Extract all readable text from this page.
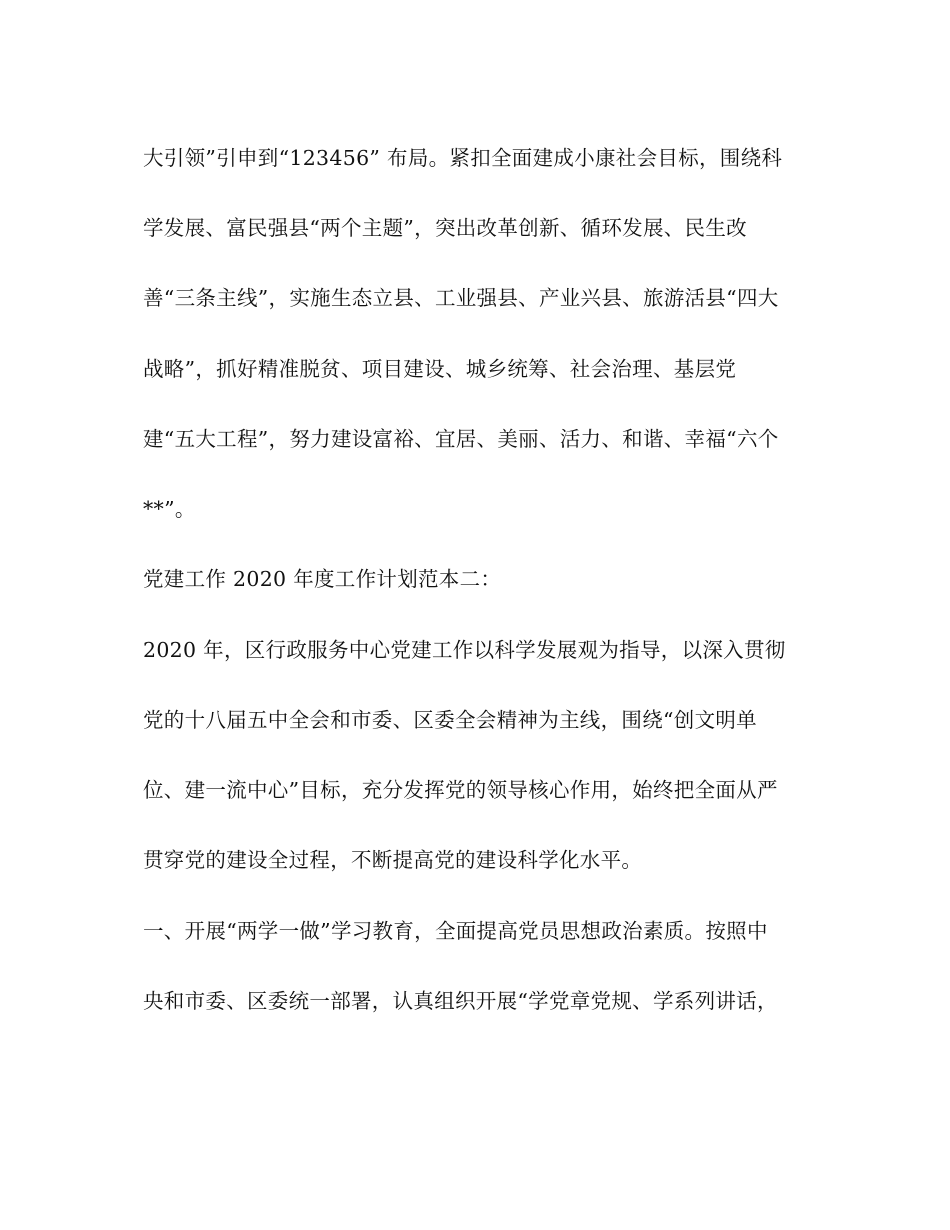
大引领”引申到“123456” 布局。紧扣全面建成小康社会目标，围绕科
学发展、富民强县“两个主题”，突出改革创新、循环发展、民生改
善“三条主线”，实施生态立县、工业强县、产业兴县、旅游活县“四大
战略”，抓好精准脱贫、项目建设、城乡统筹、社会治理、基层党
建“五大工程”，努力建设富裕、宜居、美丽、活力、和谐、幸福“六个
**”。
党建工作 2020 年度工作计划范本二：
2020 年，区行政服务中心党建工作以科学发展观为指导，以深入贯彻
党的十八届五中全会和市委、区委全会精神为主线，围绕“创文明单
位、建一流中心”目标，充分发挥党的领导核心作用，始终把全面从严
贯穿党的建设全过程，不断提高党的建设科学化水平。
一、开展“两学一做”学习教育，全面提高党员思想政治素质。按照中
央和市委、区委统一部署，认真组织开展“学党章党规、学系列讲话，
